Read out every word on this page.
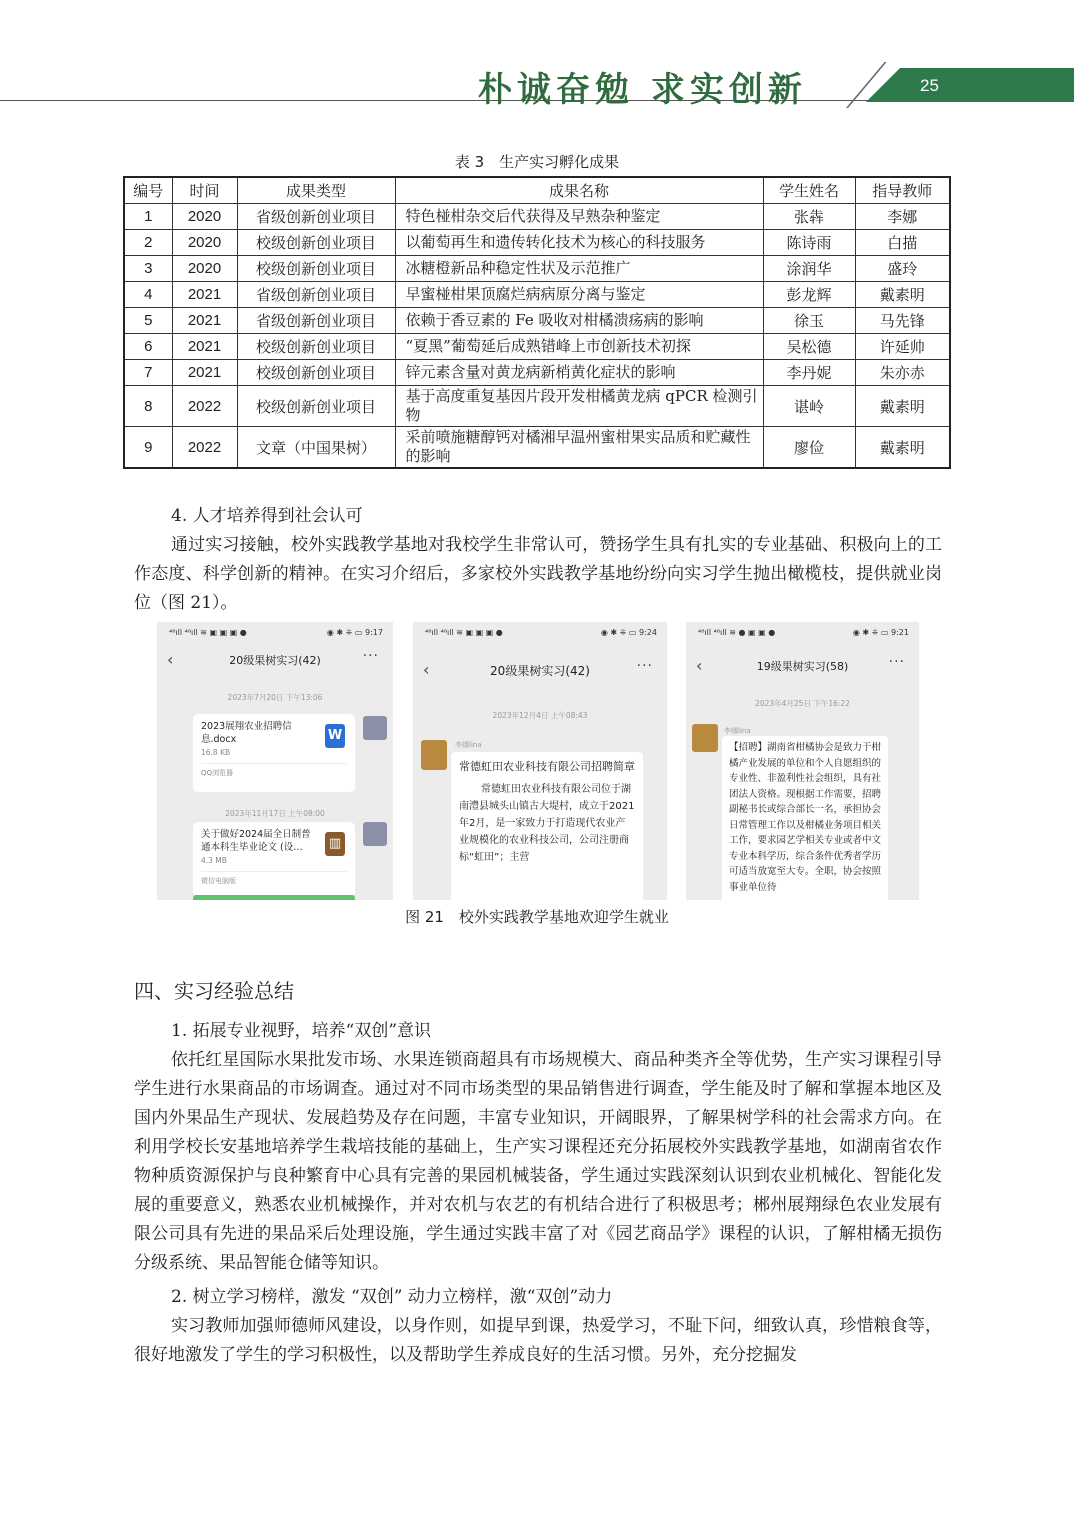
朴诚奋勉 求实创新	25
表 3　生产实习孵化成果
编号	时间	成果类型	成果名称	学生姓名	指导教师
1	2020	省级创新创业项目	特色椪柑杂交后代获得及早熟杂种鉴定	张犇	李娜
2	2020	校级创新创业项目	以葡萄再生和遗传转化技术为核心的科技服务	陈诗雨	白描
3	2020	校级创新创业项目	冰糖橙新品种稳定性状及示范推广	涂润华	盛玲
4	2021	省级创新创业项目	早蜜椪柑果顶腐烂病病原分离与鉴定	彭龙辉	戴素明
5	2021	省级创新创业项目	依赖于香豆素的 Fe 吸收对柑橘溃疡病的影响	徐玉	马先锋
6	2021	校级创新创业项目	“夏黑”葡萄延后成熟错峰上市创新技术初探	吴松德	许延帅
7	2021	校级创新创业项目	锌元素含量对黄龙病新梢黄化症状的影响	李丹妮	朱亦赤
8	2022	校级创新创业项目	基于高度重复基因片段开发柑橘黄龙病 qPCR 检测引物	谌岭	戴素明
9	2022	文章（中国果树）	采前喷施糖醇钙对橘湘早温州蜜柑果实品质和贮藏性的影响	廖俭	戴素明
4. 人才培养得到社会认可
通过实习接触，校外实践教学基地对我校学生非常认可，赞扬学生具有扎实的专业基础、积极向上的工作态度、科学创新的精神。在实习介绍后，多家校外实践教学基地纷纷向实习学生抛出橄榄枝，提供就业岗位（图 21）。
⁴⁶ıll ⁴⁶ıll ≋ ▣ ▣ ▣ ●	◉ ✱ ⁜ ▭ 9:17
‹	20级果树实习(42)	···
2023年7月20日 下午13:06
2023展翔农业招聘信息.docx
16.8 KB
QQ浏览器
W
2023年11月17日 上午08:00
关于做好2024届全日制普通本科生毕业论文 (设…
4.3 MB
微信电脑版
▥
⁴⁶ıll ⁴⁶ıll ≋ ▣ ▣ ▣ ●	◉ ✱ ⁜ ▭ 9:24
‹	20级果树实习(42)	···
2023年12月4日 上午08:43
李娜lina
常德虹田农业科技有限公司招聘简章
常德虹田农业科技有限公司位于湖南澧县城头山镇古大堤村，成立于2021年2月，是一家致力于打造现代农业产业规模化的农业科技公司，公司注册商标“虹田”；主营
⁴⁶ıll ⁴⁶ıll ≋ ● ▣ ▣ ●	◉ ✱ ⁜ ▭ 9:21
‹	19级果树实习(58)	···
2023年4月25日 下午16:22
李娜lina
【招聘】湖南省柑橘协会是致力于柑橘产业发展的单位和个人自愿组织的专业性、非盈利性社会组织，具有社团法人资格。现根据工作需要，招聘副秘书长或综合部长一名，承担协会日常管理工作以及柑橘业务项目相关工作，要求园艺学相关专业或者中文专业本科学历，综合条件优秀者学历可适当放宽至大专。全职，协会按照事业单位待
图 21　校外实践教学基地欢迎学生就业
四、实习经验总结
1. 拓展专业视野，培养“双创”意识
依托红星国际水果批发市场、水果连锁商超具有市场规模大、商品种类齐全等优势，生产实习课程引导学生进行水果商品的市场调查。通过对不同市场类型的果品销售进行调查，学生能及时了解和掌握本地区及国内外果品生产现状、发展趋势及存在问题，丰富专业知识，开阔眼界，了解果树学科的社会需求方向。在利用学校长安基地培养学生栽培技能的基础上，生产实习课程还充分拓展校外实践教学基地，如湖南省农作物种质资源保护与良种繁育中心具有完善的果园机械装备，学生通过实践深刻认识到农业机械化、智能化发展的重要意义，熟悉农业机械操作，并对农机与农艺的有机结合进行了积极思考；郴州展翔绿色农业发展有限公司具有先进的果品采后处理设施，学生通过实践丰富了对《园艺商品学》课程的认识，了解柑橘无损伤分级系统、果品智能仓储等知识。
2. 树立学习榜样，激发 “双创” 动力立榜样，激“双创”动力
实习教师加强师德师风建设，以身作则，如提早到课，热爱学习，不耻下问，细致认真，珍惜粮食等，很好地激发了学生的学习积极性，以及帮助学生养成良好的生活习惯。另外，充分挖掘发
